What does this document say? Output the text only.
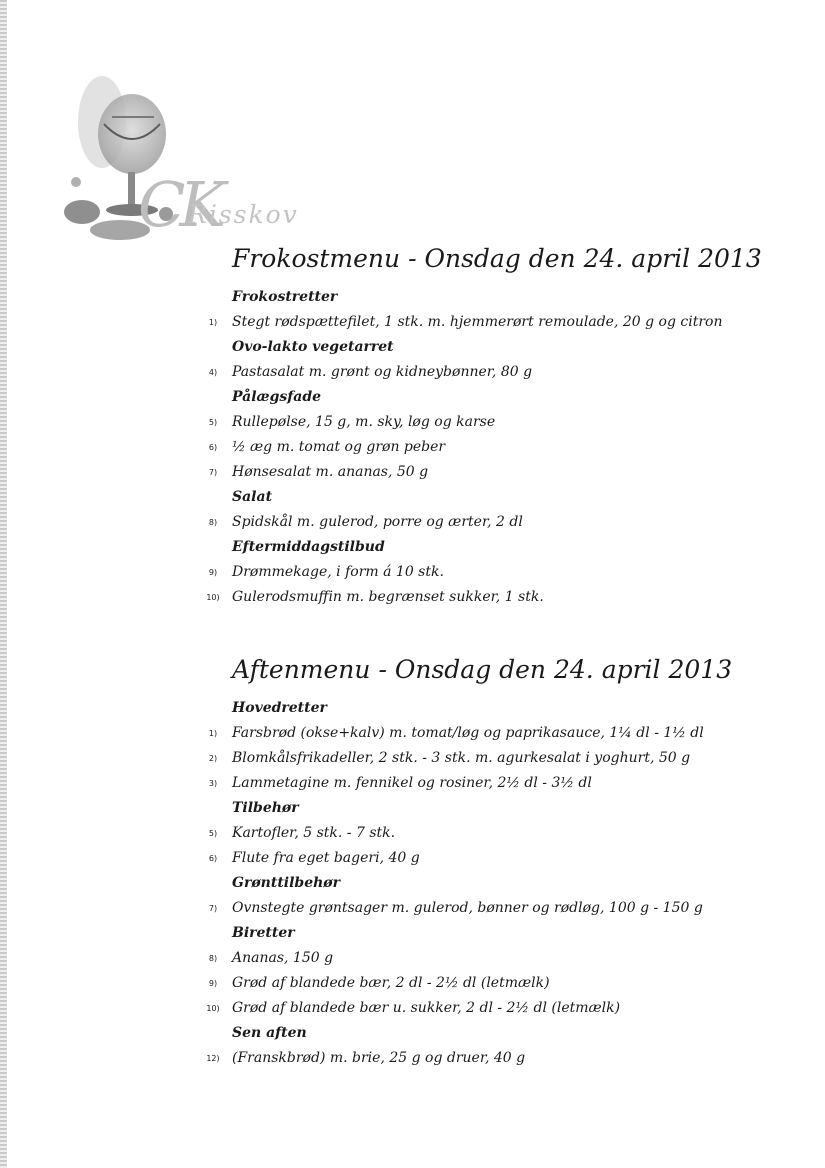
CK
Risskov
Frokostmenu - Onsdag den 24. april 2013
Frokostretter
1)	Stegt rødspættefilet, 1 stk. m. hjemmerørt remoulade, 20 g og citron
Ovo-lakto vegetarret
4)	Pastasalat m. grønt og kidneybønner, 80 g
Pålægsfade
5)	Rullepølse, 15 g, m. sky, løg og karse
6)	½ æg m. tomat og grøn peber
7)	Hønsesalat m. ananas, 50 g
Salat
8)	Spidskål m. gulerod, porre og ærter, 2 dl
Eftermiddagstilbud
9)	Drømmekage, i form á 10 stk.
10) Gulerodsmuffin m. begrænset sukker, 1 stk.
Aftenmenu - Onsdag den 24. april 2013
Hovedretter
1)	Farsbrød (okse+kalv) m. tomat/løg og paprikasauce, 1¼ dl - 1½ dl
2)	Blomkålsfrikadeller, 2 stk. - 3 stk. m. agurkesalat i yoghurt, 50 g
3)	Lammetagine m. fennikel og rosiner, 2½ dl - 3½ dl
Tilbehør
5)	Kartofler, 5 stk. - 7 stk.
6)	Flute fra eget bageri, 40 g
Grønttilbehør
7)	Ovnstegte grøntsager m. gulerod, bønner og rødløg, 100 g - 150 g
Biretter
8)	Ananas, 150 g
9)	Grød af blandede bær, 2 dl - 2½ dl (letmælk)
10) Grød af blandede bær u. sukker, 2 dl - 2½ dl (letmælk)
Sen aften
12) (Franskbrød) m. brie, 25 g og druer, 40 g
